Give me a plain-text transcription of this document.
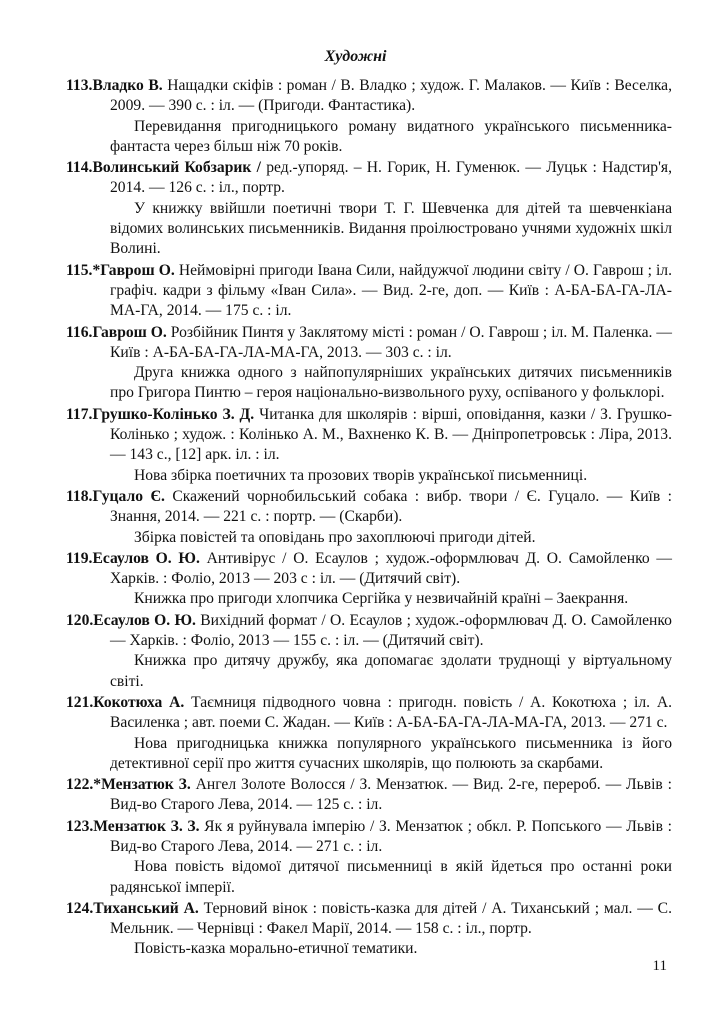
Художні

113.Владко В. Нащадки скіфів : роман / В. Владко ; худож. Г. Малаков. — Київ : Веселка, 2009. — 390 с. : іл. — (Пригоди. Фантастика).

Перевидання пригодницького роману видатного українського письменника-фантаста через більш ніж 70 років.

114.Волинський Кобзарик / ред.-упоряд. – Н. Горик, Н. Гуменюк. — Луцьк : Надстир'я, 2014. — 126 с. : іл., портр.

У книжку ввійшли поетичні твори Т. Г. Шевченка для дітей та шевченкіана відомих волинських письменників. Видання проілюстровано учнями художніх шкіл Волині.

115.*Гаврош О. Неймовірні пригоди Івана Сили, найдужчої людини світу / О. Гаврош ; іл. графіч. кадри з фільму «Іван Сила». — Вид. 2-ге, доп. — Київ : А-БА-БА-ГА-ЛА-МА-ГА, 2014. — 175 с. : іл.

116.Гаврош О. Розбійник Пинтя у Заклятому місті : роман / О. Гаврош ; іл. М. Паленка. — Київ : А-БА-БА-ГА-ЛА-МА-ГА, 2013. — 303 с. : іл.

Друга книжка одного з найпопулярніших українських дитячих письменників про Григора Пинтю – героя національно-визвольного руху, оспіваного у фольклорі.

117.Грушко-Колінько З. Д. Читанка для школярів : вірші, оповідання, казки / З. Грушко-Колінько ; худож. : Колінько А. М., Вахненко К. В. — Дніпропетровськ : Ліра, 2013. — 143 с., [12] арк. іл. : іл.

Нова збірка поетичних та прозових творів української письменниці.

118.Гуцало Є. Скажений чорнобильський собака : вибр. твори / Є. Гуцало. — Київ : Знання, 2014. — 221 с. : портр. — (Скарби).

Збірка повістей та оповідань про захоплюючі пригоди дітей.

119.Есаулов О. Ю. Антивірус / О. Есаулов ; худож.-оформлювач Д. О. Самойленко — Харків. : Фоліо, 2013 — 203 с : іл. — (Дитячий світ).

Книжка про пригоди хлопчика Сергійка у незвичайній країні – Заекрання.

120.Есаулов О. Ю. Вихідний формат / О. Есаулов ; худож.-оформлювач Д. О. Самойленко — Харків. : Фоліо, 2013 — 155 с. : іл. — (Дитячий світ).

Книжка про дитячу дружбу, яка допомагає здолати труднощі у віртуальному світі.

121.Кокотюха А. Таємниця підводного човна : пригодн. повість / А. Кокотюха ; іл. А. Василенка ; авт. поеми С. Жадан. — Київ : А-БА-БА-ГА-ЛА-МА-ГА, 2013. — 271 с.

Нова пригодницька книжка популярного українського письменника із його детективної серії про життя сучасних школярів, що полюють за скарбами.

122.*Мензатюк З. Ангел Золоте Волосся / З. Мензатюк. — Вид. 2-ге, перероб. — Львів : Вид-во Старого Лева, 2014. — 125 с. : іл.

123.Мензатюк З. З. Як я руйнувала імперію / З. Мензатюк ; обкл. Р. Попського — Львів : Вид-во Старого Лева, 2014. — 271 с. : іл.

Нова повість відомої дитячої письменниці в якій йдеться про останні роки радянської імперії.

124.Тиханський А. Терновий вінок : повість-казка для дітей / А. Тиханський ; мал. — С. Мельник. — Чернівці : Факел Марії, 2014. — 158 с. : іл., портр.

Повість-казка морально-етичної тематики.

11
